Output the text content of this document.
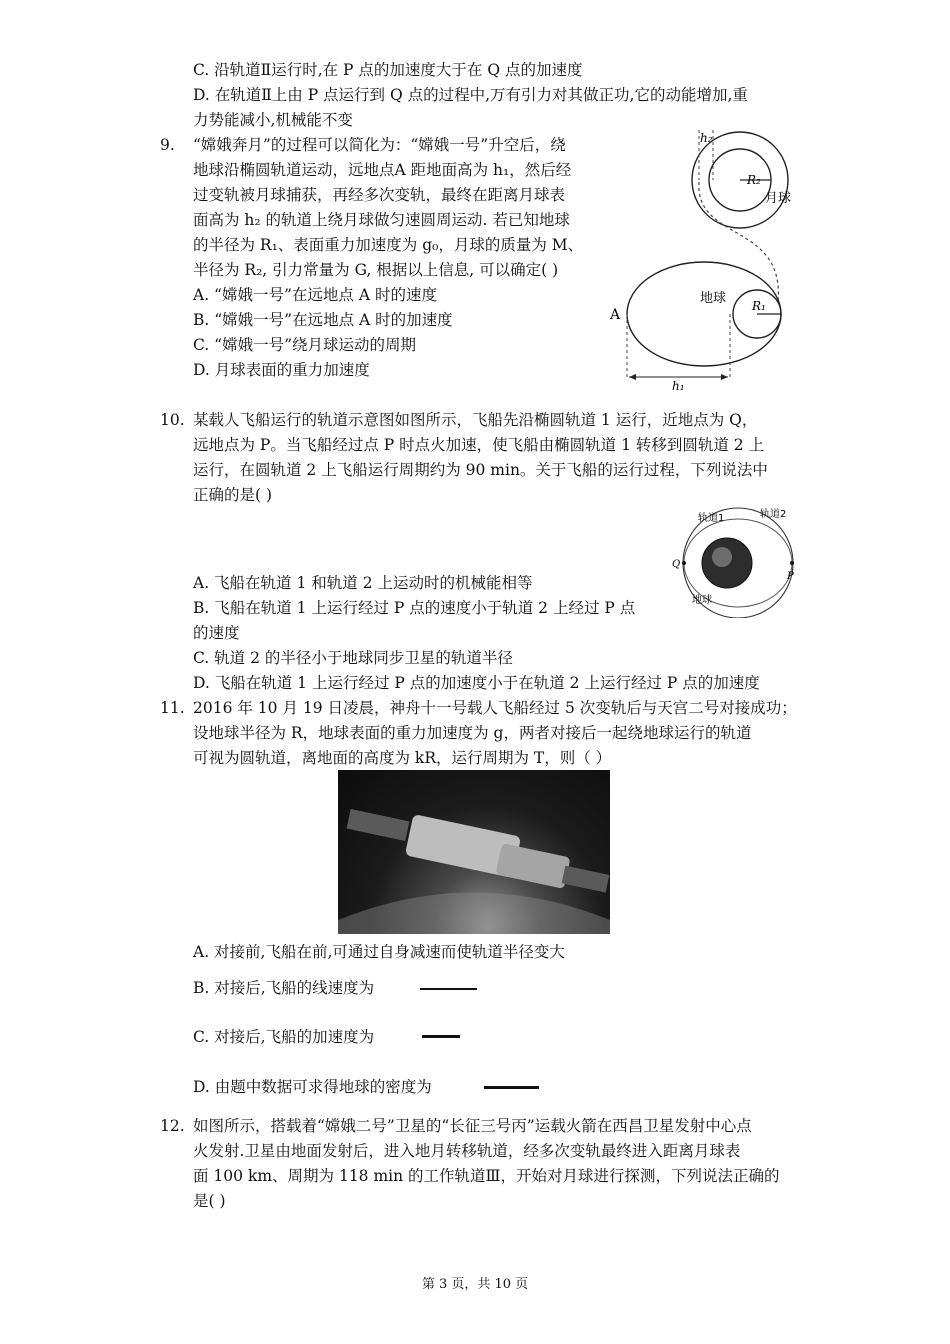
C. 沿轨道Ⅱ运行时,在 P 点的加速度大于在 Q 点的加速度
D. 在轨道Ⅱ上由 P 点运行到 Q 点的过程中,万有引力对其做正功,它的动能增加,重
力势能减小,机械能不变
9. “嫦娥奔月”的过程可以简化为：“嫦娥一号”升空后，绕
地球沿椭圆轨道运动，远地点A 距地面高为 h₁，然后经
过变轨被月球捕获，再经多次变轨，最终在距离月球表
面高为 h₂ 的轨道上绕月球做匀速圆周运动. 若已知地球
的半径为 R₁、表面重力加速度为 g₀，月球的质量为 M、
半径为 R₂, 引力常量为 G, 根据以上信息, 可以确定( )
A. “嫦娥一号”在远地点 A 时的速度
B. “嫦娥一号”在远地点 A 时的加速度
C. “嫦娥一号”绕月球运动的周期
D. 月球表面的重力加速度
h₂
R₂
月球
地球 R₁
A
h₁
10. 某载人飞船运行的轨道示意图如图所示，飞船先沿椭圆轨道 1 运行，近地点为 Q，
远地点为 P。当飞船经过点 P 时点火加速，使飞船由椭圆轨道 1 转移到圆轨道 2 上
运行，在圆轨道 2 上飞船运行周期约为 90 min。关于飞船的运行过程，下列说法中
正确的是( )
轨道1	轨道2
Q
P
地球
A. 飞船在轨道 1 和轨道 2 上运动时的机械能相等
B. 飞船在轨道 1 上运行经过 P 点的速度小于轨道 2 上经过 P 点
的速度
C. 轨道 2 的半径小于地球同步卫星的轨道半径
D. 飞船在轨道 1 上运行经过 P 点的加速度小于在轨道 2 上运行经过 P 点的加速度
11. 2016 年 10 月 19 日凌晨，神舟十一号载人飞船经过 5 次变轨后与天宫二号对接成功；
设地球半径为 R，地球表面的重力加速度为 g，两者对接后一起绕地球运行的轨道
可视为圆轨道，离地面的高度为 kR，运行周期为 T，则（ ）
A. 对接前,飞船在前,可通过自身减速而使轨道半径变大
B. 对接后,飞船的线速度为
C. 对接后,飞船的加速度为
D. 由题中数据可求得地球的密度为
12. 如图所示，搭载着“嫦娥二号”卫星的“长征三号丙”运载火箭在西昌卫星发射中心点
火发射.卫星由地面发射后，进入地月转移轨道，经多次变轨最终进入距离月球表
面 100 km、周期为 118 min 的工作轨道Ⅲ，开始对月球进行探测，下列说法正确的
是( )
第 3 页，共 10 页
